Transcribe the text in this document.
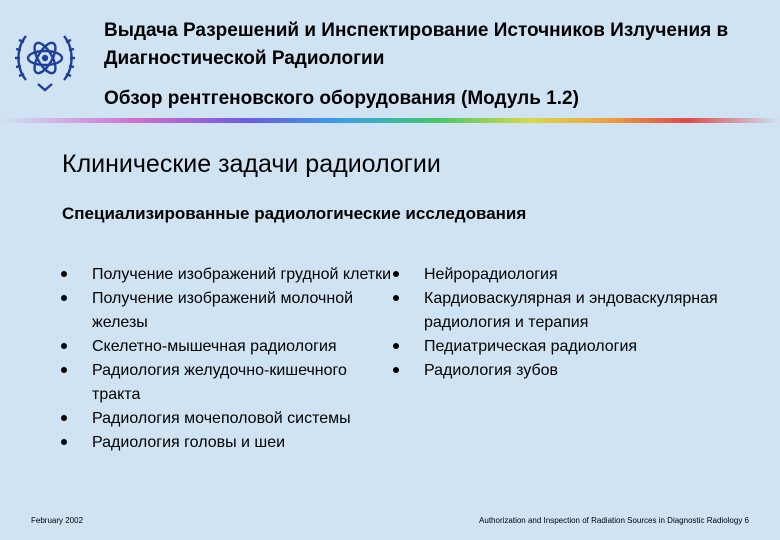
Выдача Разрешений и Инспектирование Источников Излучения в Диагностической Радиологии
Обзор рентгеновского оборудования (Модуль 1.2)
Клинические задачи радиологии
Специализированные радиологические исследования
Получение изображений грудной клетки
Получение изображений молочной железы
Скелетно-мышечная радиология
Радиология желудочно-кишечного тракта
Радиология мочеполовой системы
Радиология головы и шеи
Нейрорадиология
Кардиоваскулярная и эндоваскулярная радиология и терапия
Педиатрическая радиология
Радиология зубов
February 2002	Authorization and Inspection of Radiation Sources in Diagnostic Radiology 6
